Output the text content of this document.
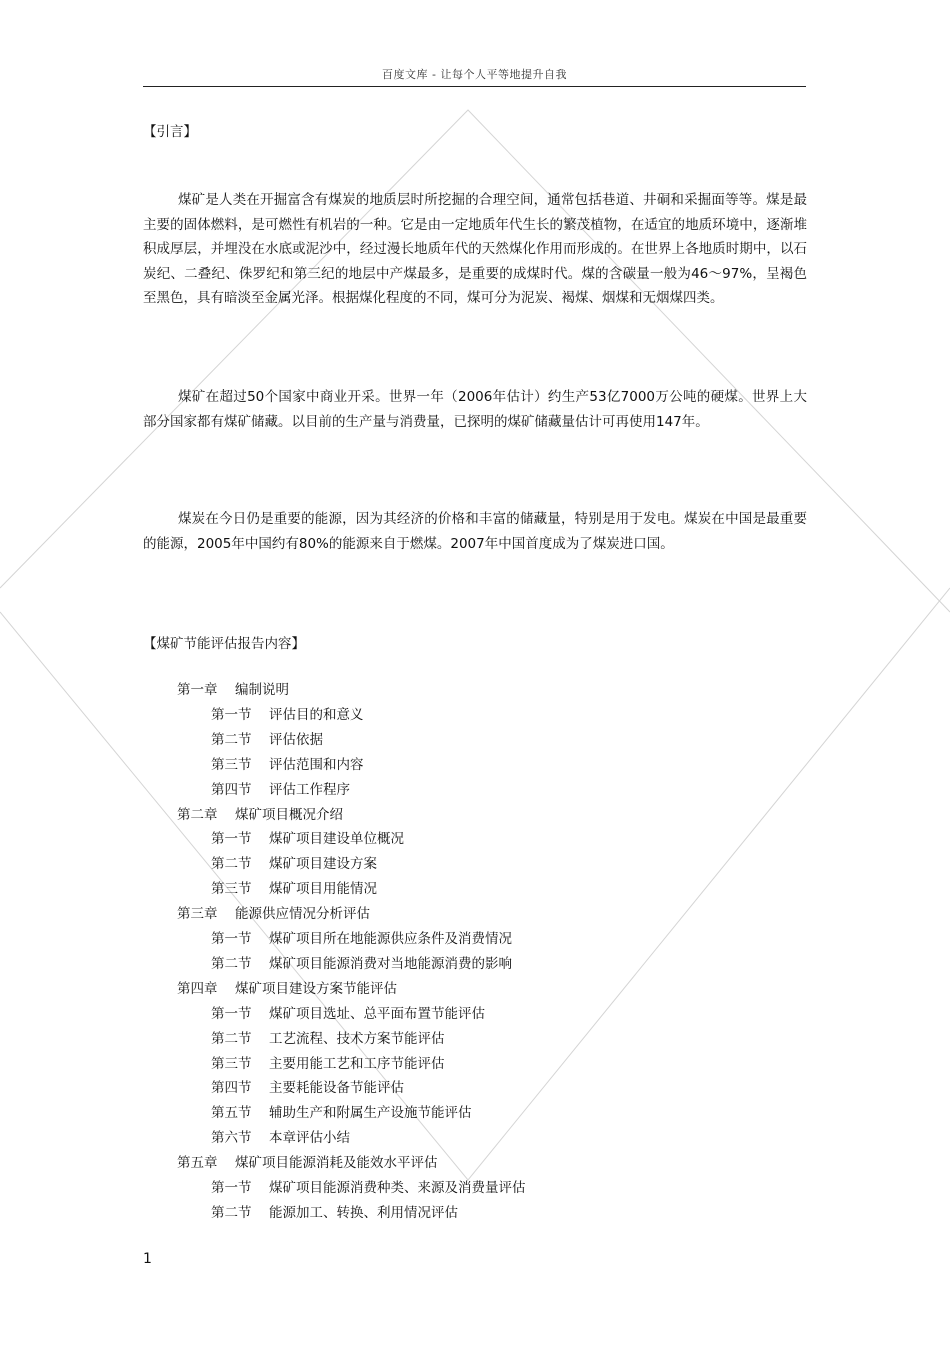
百度文库 - 让每个人平等地提升自我
【引言】

煤矿是人类在开掘富含有煤炭的地质层时所挖掘的合理空间，通常包括巷道、井硐和采掘面等等。煤是最主要的固体燃料，是可燃性有机岩的一种。它是由一定地质年代生长的繁茂植物，在适宜的地质环境中，逐渐堆积成厚层，并埋没在水底或泥沙中，经过漫长地质年代的天然煤化作用而形成的。在世界上各地质时期中，以石炭纪、二叠纪、侏罗纪和第三纪的地层中产煤最多，是重要的成煤时代。煤的含碳量一般为46～97%，呈褐色至黑色，具有暗淡至金属光泽。根据煤化程度的不同，煤可分为泥炭、褐煤、烟煤和无烟煤四类。

煤矿在超过50个国家中商业开采。世界一年（2006年估计）约生产53亿7000万公吨的硬煤。世界上大部分国家都有煤矿储藏。以目前的生产量与消费量，已探明的煤矿储藏量估计可再使用147年。

煤炭在今日仍是重要的能源，因为其经济的价格和丰富的储藏量，特别是用于发电。煤炭在中国是最重要的能源，2005年中国约有80%的能源来自于燃煤。2007年中国首度成为了煤炭进口国。

【煤矿节能评估报告内容】
第一章 编制说明
第一节 评估目的和意义
第二节 评估依据
第三节 评估范围和内容
第四节 评估工作程序
第二章 煤矿项目概况介绍
第一节 煤矿项目建设单位概况
第二节 煤矿项目建设方案
第三节 煤矿项目用能情况
第三章 能源供应情况分析评估
第一节 煤矿项目所在地能源供应条件及消费情况
第二节 煤矿项目能源消费对当地能源消费的影响
第四章 煤矿项目建设方案节能评估
第一节 煤矿项目选址、总平面布置节能评估
第二节 工艺流程、技术方案节能评估
第三节 主要用能工艺和工序节能评估
第四节 主要耗能设备节能评估
第五节 辅助生产和附属生产设施节能评估
第六节 本章评估小结
第五章 煤矿项目能源消耗及能效水平评估
第一节 煤矿项目能源消费种类、来源及消费量评估
第二节 能源加工、转换、利用情况评估
1
